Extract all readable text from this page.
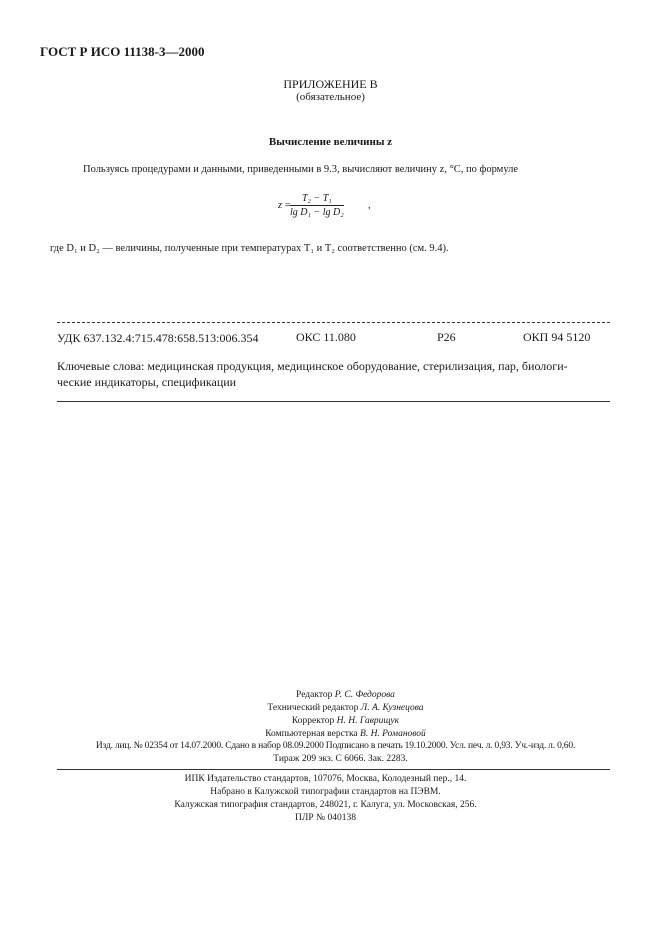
ГОСТ Р ИСО 11138-3—2000
ПРИЛОЖЕНИЕ В
(обязательное)
Вычисление величины z
Пользуясь процедурами и данными, приведенными в 9.3, вычисляют величину z, °С, по формуле
$z = \frac{\text{T₂ − T₁}}{\text{lg D₁ − lg D₂}}$ ,
где D₁ и D₂ — величины, полученные при температурах T₁ и T₂ соответственно (см. 9.4).
УДК 637.132.4:715.478:658.513:006.354	ОКС 11.080	Р26	ОКП 94 5120
Ключевые слова: медицинская продукция, медицинское оборудование, стерилизация, пар, биологи-
ческие индикаторы, спецификации
Редактор Р. С. Федорова
Технический редактор Л. А. Кузнецова
Корректор Н. Н. Гаврищук
Компьютерная верстка В. Н. Романовой
Изд. лиц. № 02354 от 14.07.2000. Сдано в набор 08.09.2000 Подписано в печать 19.10.2000. Усл. печ. л. 0,93. Уч.-изд. л. 0,60.
Тираж 209 экз. С 6066. Зак. 2283.
ИПК Издательство стандартов, 107076, Москва, Колодезный пер., 14.
Набрано в Калужской типографии стандартов на ПЭВМ.
Калужская типография стандартов, 248021, г. Калуга, ул. Московская, 256.
ПЛР № 040138
